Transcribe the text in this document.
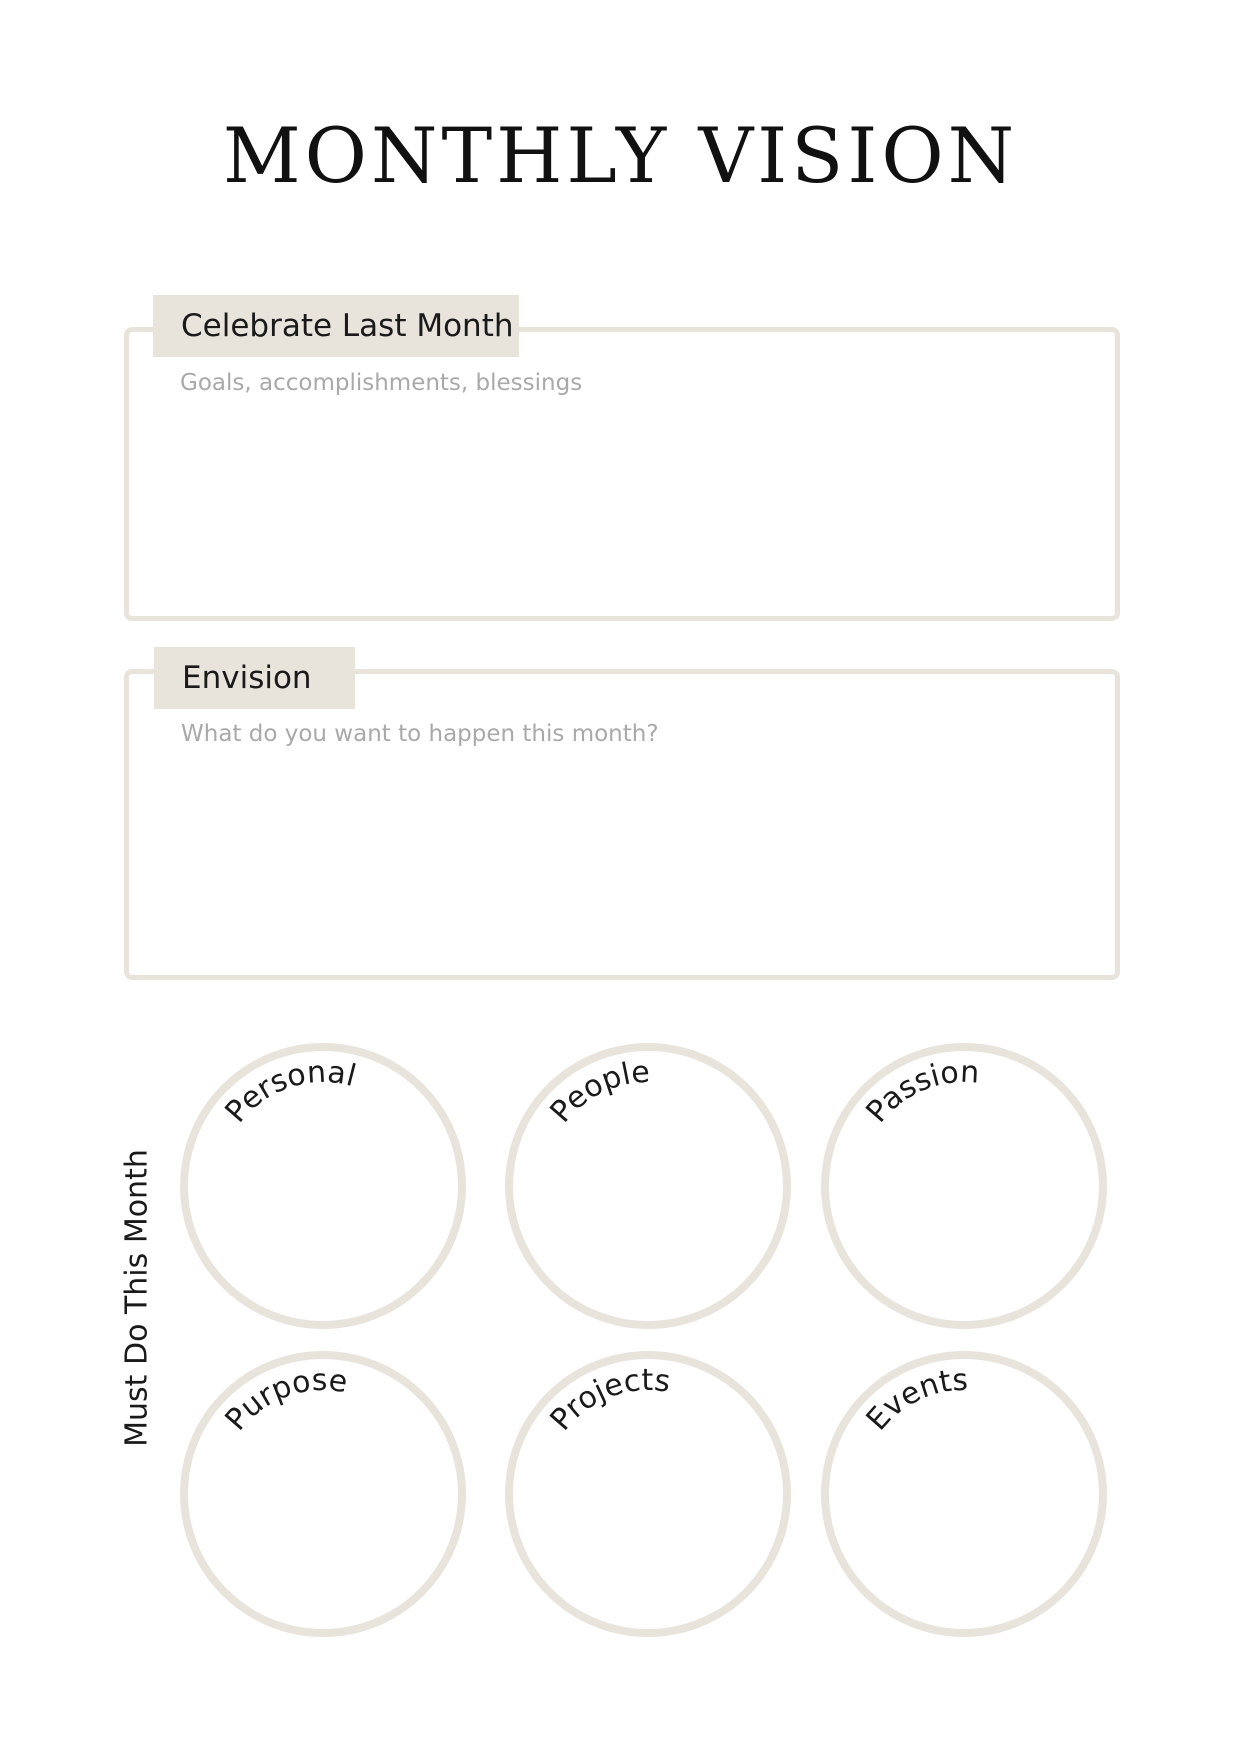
MONTHLY VISION
Celebrate Last Month
Goals, accomplishments, blessings
Envision
What do you want to happen this month?
Must Do This Month
Personal
People
Passion
Purpose
Projects
Events
